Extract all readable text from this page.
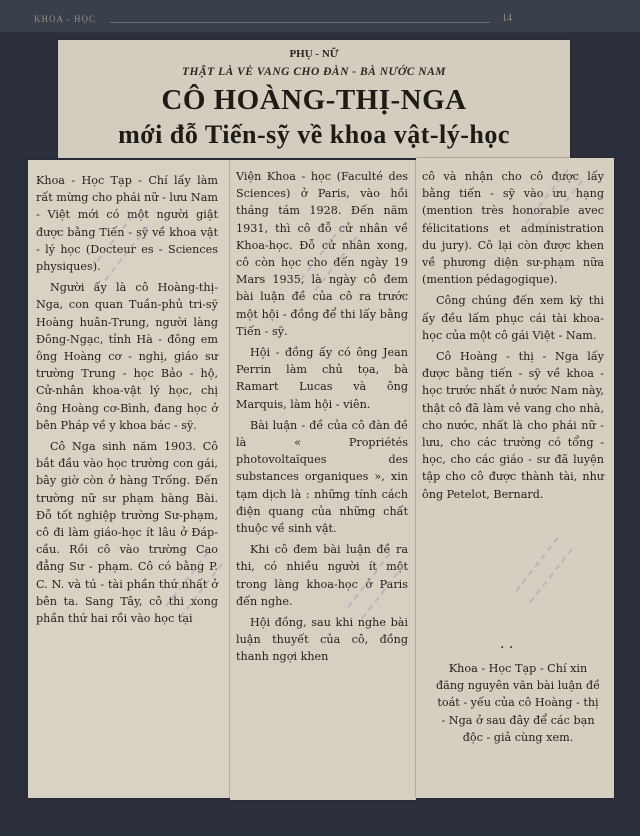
KHOA - HỌC	14
PHỤ - NỮ
THẬT LÀ VẺ VANG CHO ĐÀN - BÀ NƯỚC NAM
CÔ HOÀNG-THỊ-NGA
mới đỗ Tiến-sỹ về khoa vật-lý-học

Khoa - Học Tạp - Chí lấy làm rất mừng cho phái nữ - lưu Nam - Việt mới có một người giật được bằng Tiến - sỹ về khoa vật - lý học (Docteur es - Sciences physiques).

Người ấy là cô Hoàng-thị-Nga, con quan Tuần-phủ tri-sỹ Hoàng huân-Trung, người làng Đông-Ngạc, tỉnh Hà - đông em ông Hoàng cơ - nghị, giáo sư trường Trung - học Bảo - hộ, Cử-nhân khoa-vật lý học, chị ông Hoàng cơ-Bình, đang học ở bên Pháp về y khoa bác - sỹ.

Cô Nga sinh năm 1903. Cô bắt đầu vào học trường con gái, bây giờ còn ở hàng Trống. Đến trường nữ sư phạm hàng Bài. Đỗ tốt nghiệp trường Sư-phạm, cô đi làm giáo-học ít lâu ở Đáp-cầu. Rồi cô vào trường Cao đẳng Sư - phạm. Cô có bằng P. C. N. và tú - tài phần thứ nhất ở bên ta. Sang Tây, cô thi xong phần thứ hai rồi vào học tại

Viện Khoa - học (Faculté des Sciences) ở Paris, vào hồi tháng tám 1928. Đến năm 1931, thì cô đỗ cử nhân về Khoa-học. Đỗ cử nhân xong, cô còn học cho đến ngày 19 Mars 1935, là ngày cô đem bài luận đề của cô ra trước một hội - đồng để thi lấy bằng Tiến - sỹ.

Hội - đồng ấy có ông Jean Perrin làm chủ tọa, bà Ramart Lucas và ông Marquis, làm hội - viên.

Bài luận - đề của cô đàn đề là « Propriétés photovoltaïques des substances organiques », xin tạm dịch là : những tính cách điện quang của những chất thuộc về sinh vật.

Khi cô đem bài luận đề ra thi, có nhiều người ít một trong làng khoa-học ở Paris đến nghe.

Hội đồng, sau khi nghe bài luận thuyết của cô, đồng thanh ngợi khen

cô và nhận cho cô được lấy bằng tiến - sỹ vào ưu hạng (mention très honorable avec félicitations et administration du jury). Cô lại còn được khen về phương diện sư-phạm nữa (mention pédagogique).

Công chúng đến xem kỳ thi ấy đều lấm phục cái tài khoa-học của một cô gái Việt - Nam.

Cô Hoàng - thị - Nga lấy được bằng tiến - sỹ về khoa - học trước nhất ở nước Nam này, thật cô đã làm vẻ vang cho nhà, cho nước, nhất là cho phái nữ - lưu, cho các trường có tổng - học, cho các giáo - sư đã luyện tập cho cô được thành tài, như ông Petelot, Bernard.

· ·

Khoa - Học Tạp - Chí xin đăng nguyên văn bài luận đề toát - yếu của cô Hoàng - thị - Nga ở sau đây để các bạn độc - giả cùng xem.
